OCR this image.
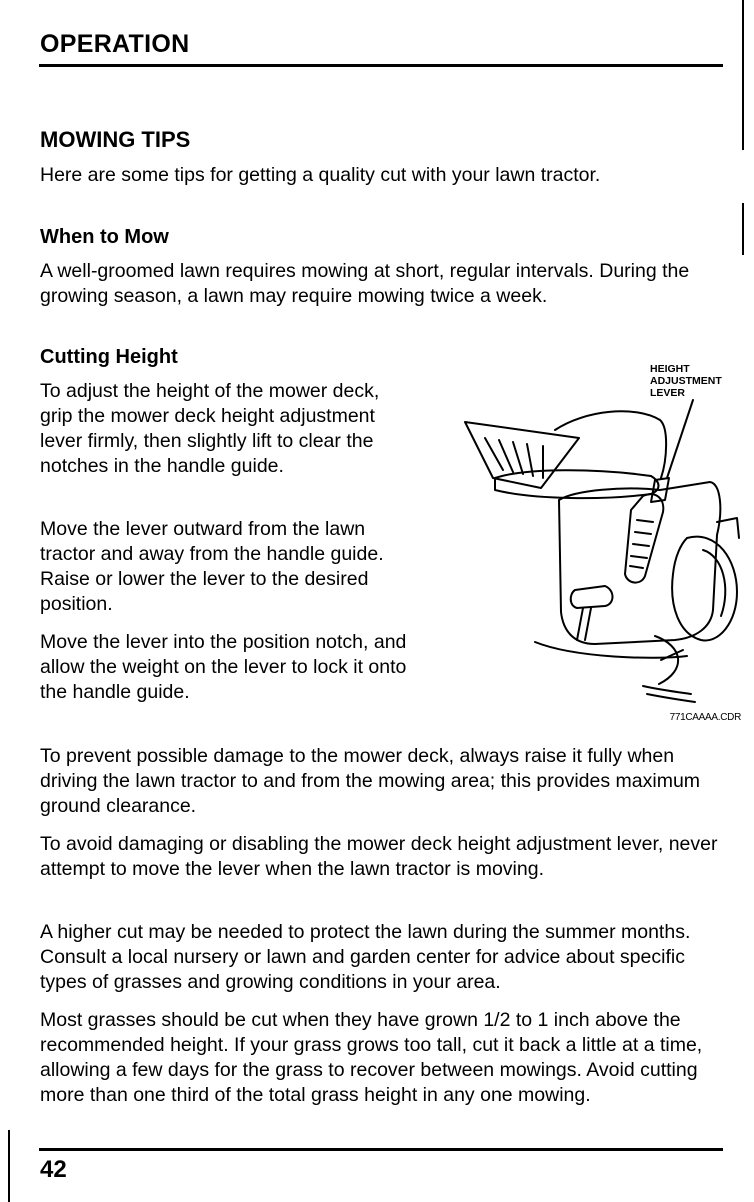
OPERATION
MOWING TIPS

Here are some tips for getting a quality cut with your lawn tractor.

When to Mow

A well-groomed lawn requires mowing at short, regular intervals. During the growing season, a lawn may require mowing twice a week.

Cutting Height

To adjust the height of the mower deck, grip the mower deck height adjustment lever firmly, then slightly lift to clear the notches in the handle guide.

Move the lever outward from the lawn tractor and away from the handle guide. Raise or lower the lever to the desired position.

Move the lever into the position notch, and allow the weight on the lever to lock it onto the handle guide.

HEIGHT
ADJUSTMENT
LEVER
771CAAAA.CDR

To prevent possible damage to the mower deck, always raise it fully when driving the lawn tractor to and from the mowing area; this provides maximum ground clearance.

To avoid damaging or disabling the mower deck height adjustment lever, never attempt to move the lever when the lawn tractor is moving.

A higher cut may be needed to protect the lawn during the summer months. Consult a local nursery or lawn and garden center for advice about specific types of grasses and growing conditions in your area.

Most grasses should be cut when they have grown 1/2 to 1 inch above the recommended height. If your grass grows too tall, cut it back a little at a time, allowing a few days for the grass to recover between mowings. Avoid cutting more than one third of the total grass height in any one mowing.

42
